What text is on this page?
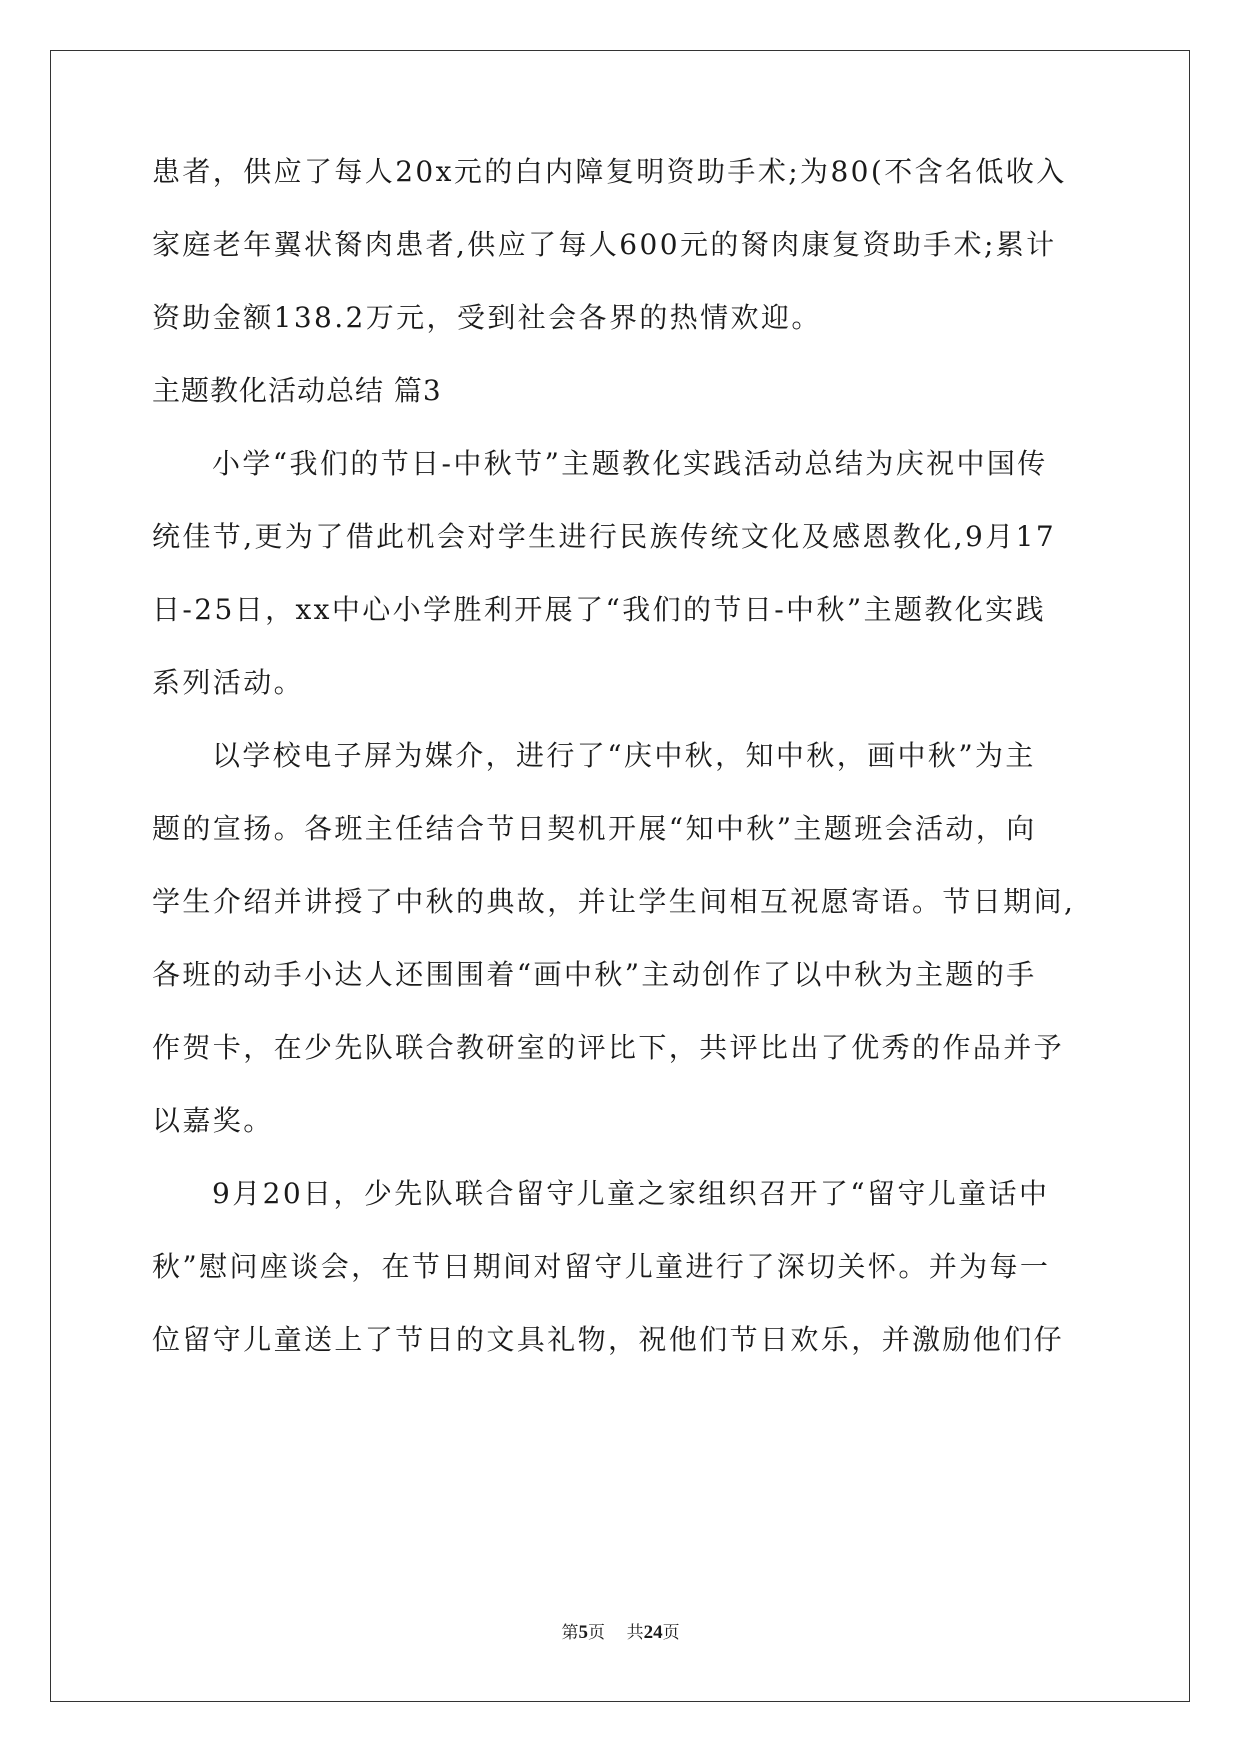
患者，供应了每人20x元的白内障复明资助手术;为80(不含名低收入
家庭老年翼状胬肉患者,供应了每人600元的胬肉康复资助手术;累计
资助金额138.2万元，受到社会各界的热情欢迎。
主题教化活动总结 篇3
小学“我们的节日-中秋节”主题教化实践活动总结为庆祝中国传
统佳节,更为了借此机会对学生进行民族传统文化及感恩教化,9月17
日-25日，xx中心小学胜利开展了“我们的节日-中秋”主题教化实践
系列活动。
以学校电子屏为媒介，进行了“庆中秋，知中秋，画中秋”为主
题的宣扬。各班主任结合节日契机开展“知中秋”主题班会活动，向
学生介绍并讲授了中秋的典故，并让学生间相互祝愿寄语。节日期间,
各班的动手小达人还围围着“画中秋”主动创作了以中秋为主题的手
作贺卡，在少先队联合教研室的评比下，共评比出了优秀的作品并予
以嘉奖。
9月20日，少先队联合留守儿童之家组织召开了“留守儿童话中
秋”慰问座谈会，在节日期间对留守儿童进行了深切关怀。并为每一
位留守儿童送上了节日的文具礼物，祝他们节日欢乐，并激励他们仔
第5页 共24页
